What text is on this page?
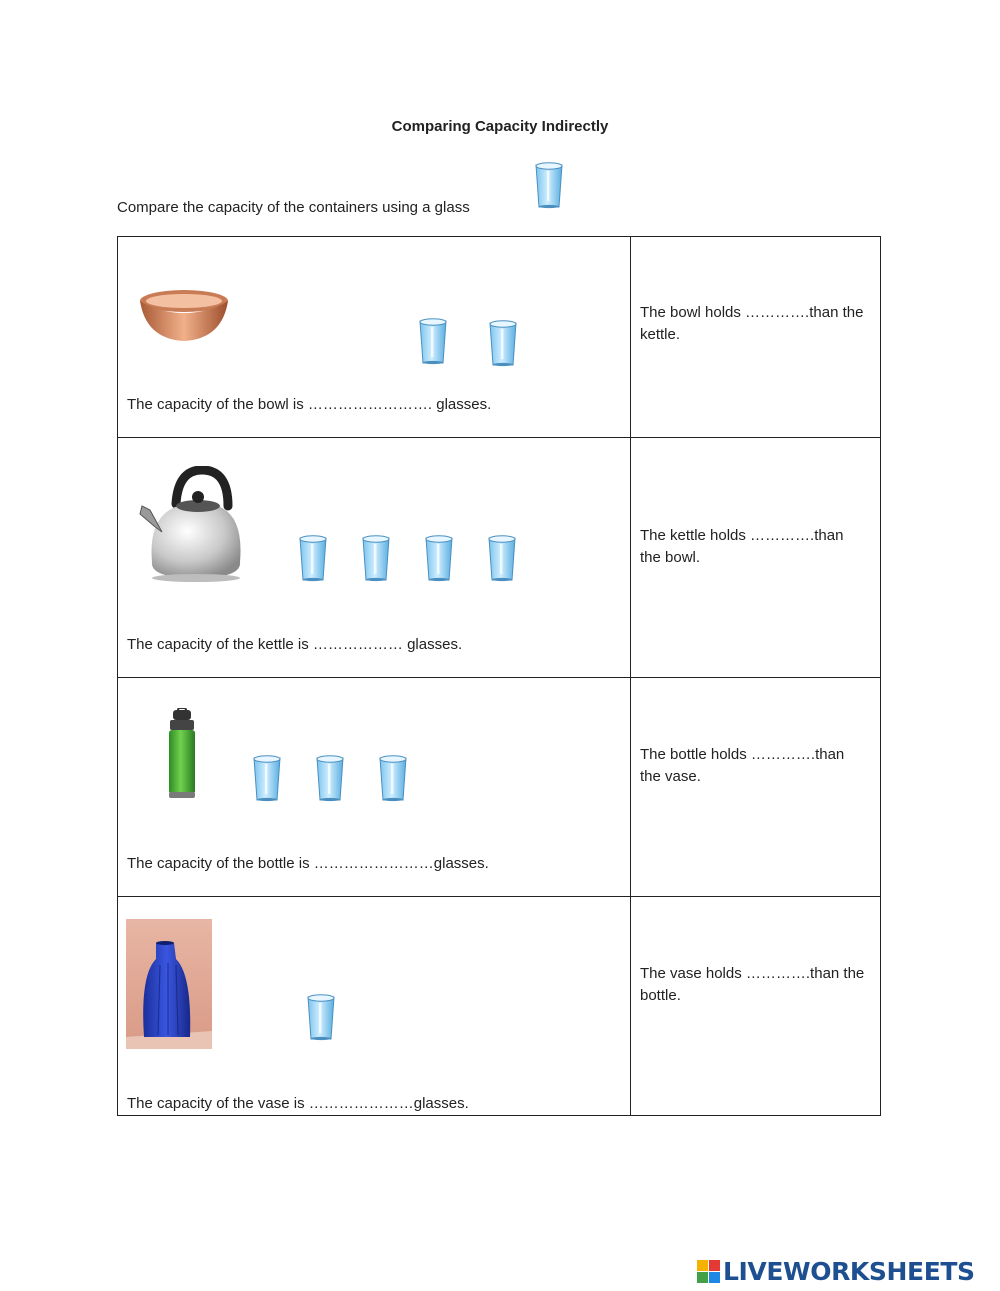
Comparing Capacity Indirectly
Compare the capacity of the containers using a glass
The capacity of the bowl is ……………………. glasses.	The bowl holds ………….than the kettle.

The capacity of the kettle is ……………… glasses.	The kettle holds ………….than the bowl.

The capacity of the bottle is ……………………glasses.	The bottle holds ………….than the vase.

The capacity of the vase is …………………glasses.	The vase holds ………….than the bottle.
LIVEWORKSHEETS
